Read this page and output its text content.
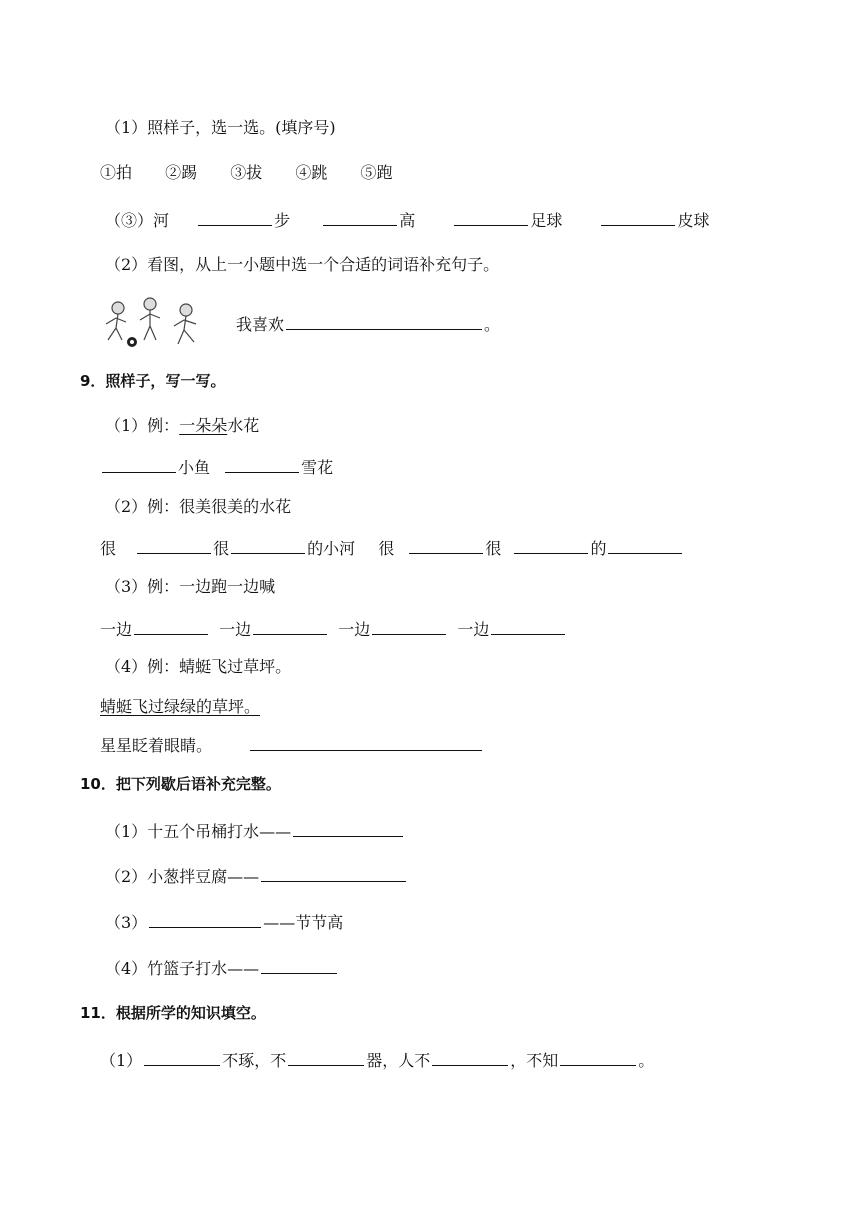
（1）照样子，选一选。(填序号)
①拍 ②踢 ③拔 ④跳 ⑤跑
（③）河	步	高	足球	皮球
（2）看图，从上一小题中选一个合适的词语补充句子。
我喜欢	。
9．照样子，写一写。
（1）例：一朵朵水花
小鱼	雪花
（2）例：很美很美的水花
很	很	的小河 很	很	的
（3）例：一边跑一边喊
一边	一边	一边	一边
（4）例：蜻蜓飞过草坪。
蜻蜓飞过绿绿的草坪。
星星眨着眼睛。
10．把下列歇后语补充完整。
（1）十五个吊桶打水——
（2）小葱拌豆腐——
（3）	——节节高
（4）竹篮子打水——
11．根据所学的知识填空。
（1）	不琢，不	器，人不	，不知	。
